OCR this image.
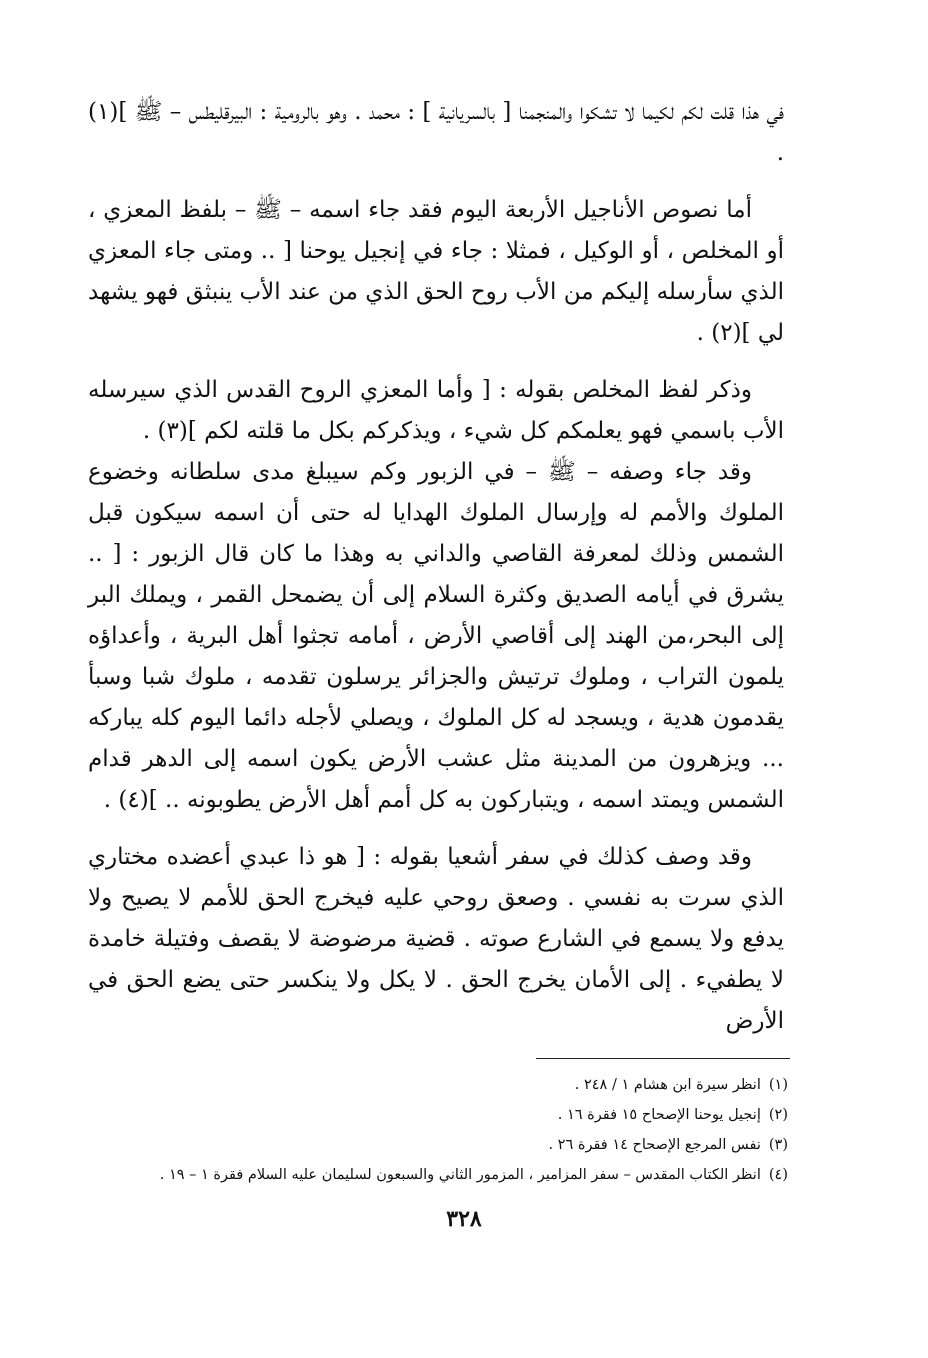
في هذا قلت لكم لكيما لا تشكوا والمنجمنا [ بالسريانية ] : محمد . وهو بالرومية : البيرقليطس – ﷺ ](١) .

أما نصوص الأناجيل الأربعة اليوم فقد جاء اسمه – ﷺ – بلفظ المعزي ، أو المخلص ، أو الوكيل ، فمثلا : جاء في إنجيل يوحنا [ .. ومتى جاء المعزي الذي سأرسله إليكم من الأب روح الحق الذي من عند الأب ينبثق فهو يشهد لي ](٢) .

وذكر لفظ المخلص بقوله : [ وأما المعزي الروح القدس الذي سيرسله الأب باسمي فهو يعلمكم كل شيء ، ويذكركم بكل ما قلته لكم ](٣) .

وقد جاء وصفه – ﷺ – في الزبور وكم سيبلغ مدى سلطانه وخضوع الملوك والأمم له وإرسال الملوك الهدايا له حتى أن اسمه سيكون قبل الشمس وذلك لمعرفة القاصي والداني به وهذا ما كان قال الزبور : [ .. يشرق في أيامه الصديق وكثرة السلام إلى أن يضمحل القمر ، ويملك البر إلى البحر،من الهند إلى أقاصي الأرض ، أمامه تجثوا أهل البرية ، وأعداؤه يلمون التراب ، وملوك ترتيش والجزائر يرسلون تقدمه ، ملوك شبا وسبأ يقدمون هدية ، ويسجد له كل الملوك ، ويصلي لأجله دائما اليوم كله يباركه ... ويزهرون من المدينة مثل عشب الأرض يكون اسمه إلى الدهر قدام الشمس ويمتد اسمه ، ويتباركون به كل أمم أهل الأرض يطوبونه .. ](٤) .

وقد وصف كذلك في سفر أشعيا بقوله : [ هو ذا عبدي أعضده مختاري الذي سرت به نفسي . وصعق روحي عليه فيخرج الحق للأمم لا يصيح ولا يدفع ولا يسمع في الشارع صوته . قضية مرضوضة لا يقصف وفتيلة خامدة لا يطفيء . إلى الأمان يخرج الحق . لا يكل ولا ينكسر حتى يضع الحق في الأرض

(١)انظر سيرة ابن هشام ١ / ٢٤٨ .
(٢)إنجيل يوحنا الإصحاح ١٥ فقرة ١٦ .
(٣)نفس المرجع الإصحاح ١٤ فقرة ٢٦ .
(٤)انظر الكتاب المقدس – سفر المزامير ، المزمور الثاني والسبعون لسليمان عليه السلام فقرة ١ – ١٩ .
٣٢٨
